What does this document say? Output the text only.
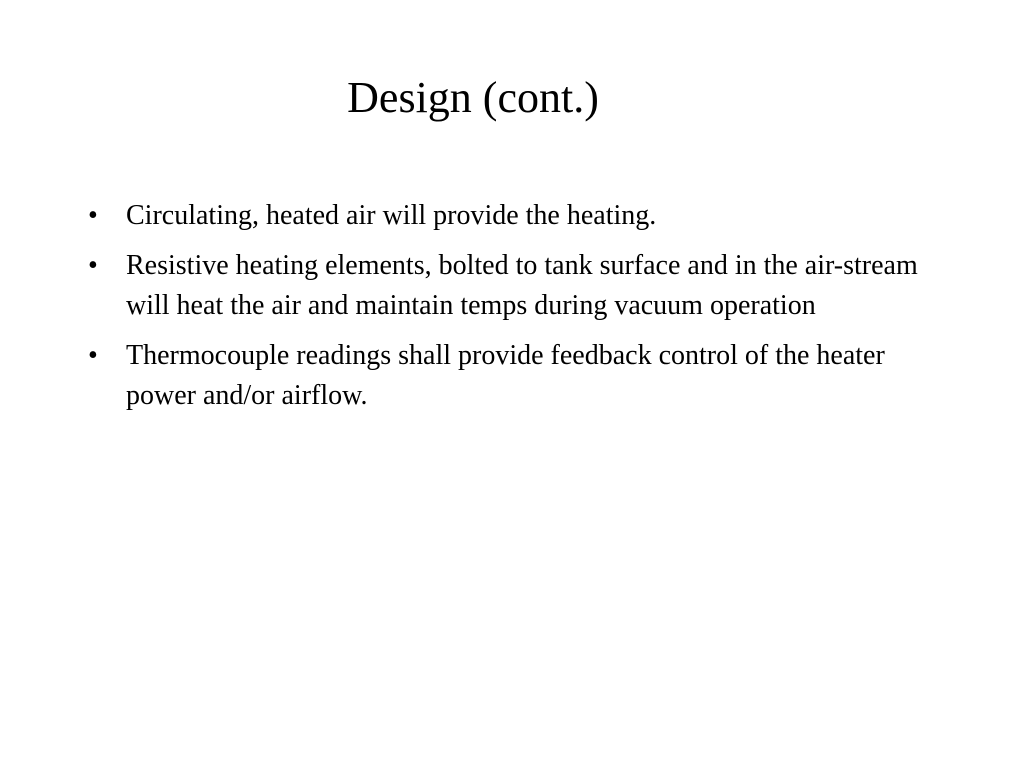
Design (cont.)
•	Circulating, heated air will provide the heating.
•	Resistive heating elements, bolted to tank surface and in the air-stream will heat the air and maintain temps during vacuum operation
•	Thermocouple readings shall provide feedback control of the heater power and/or airflow.
